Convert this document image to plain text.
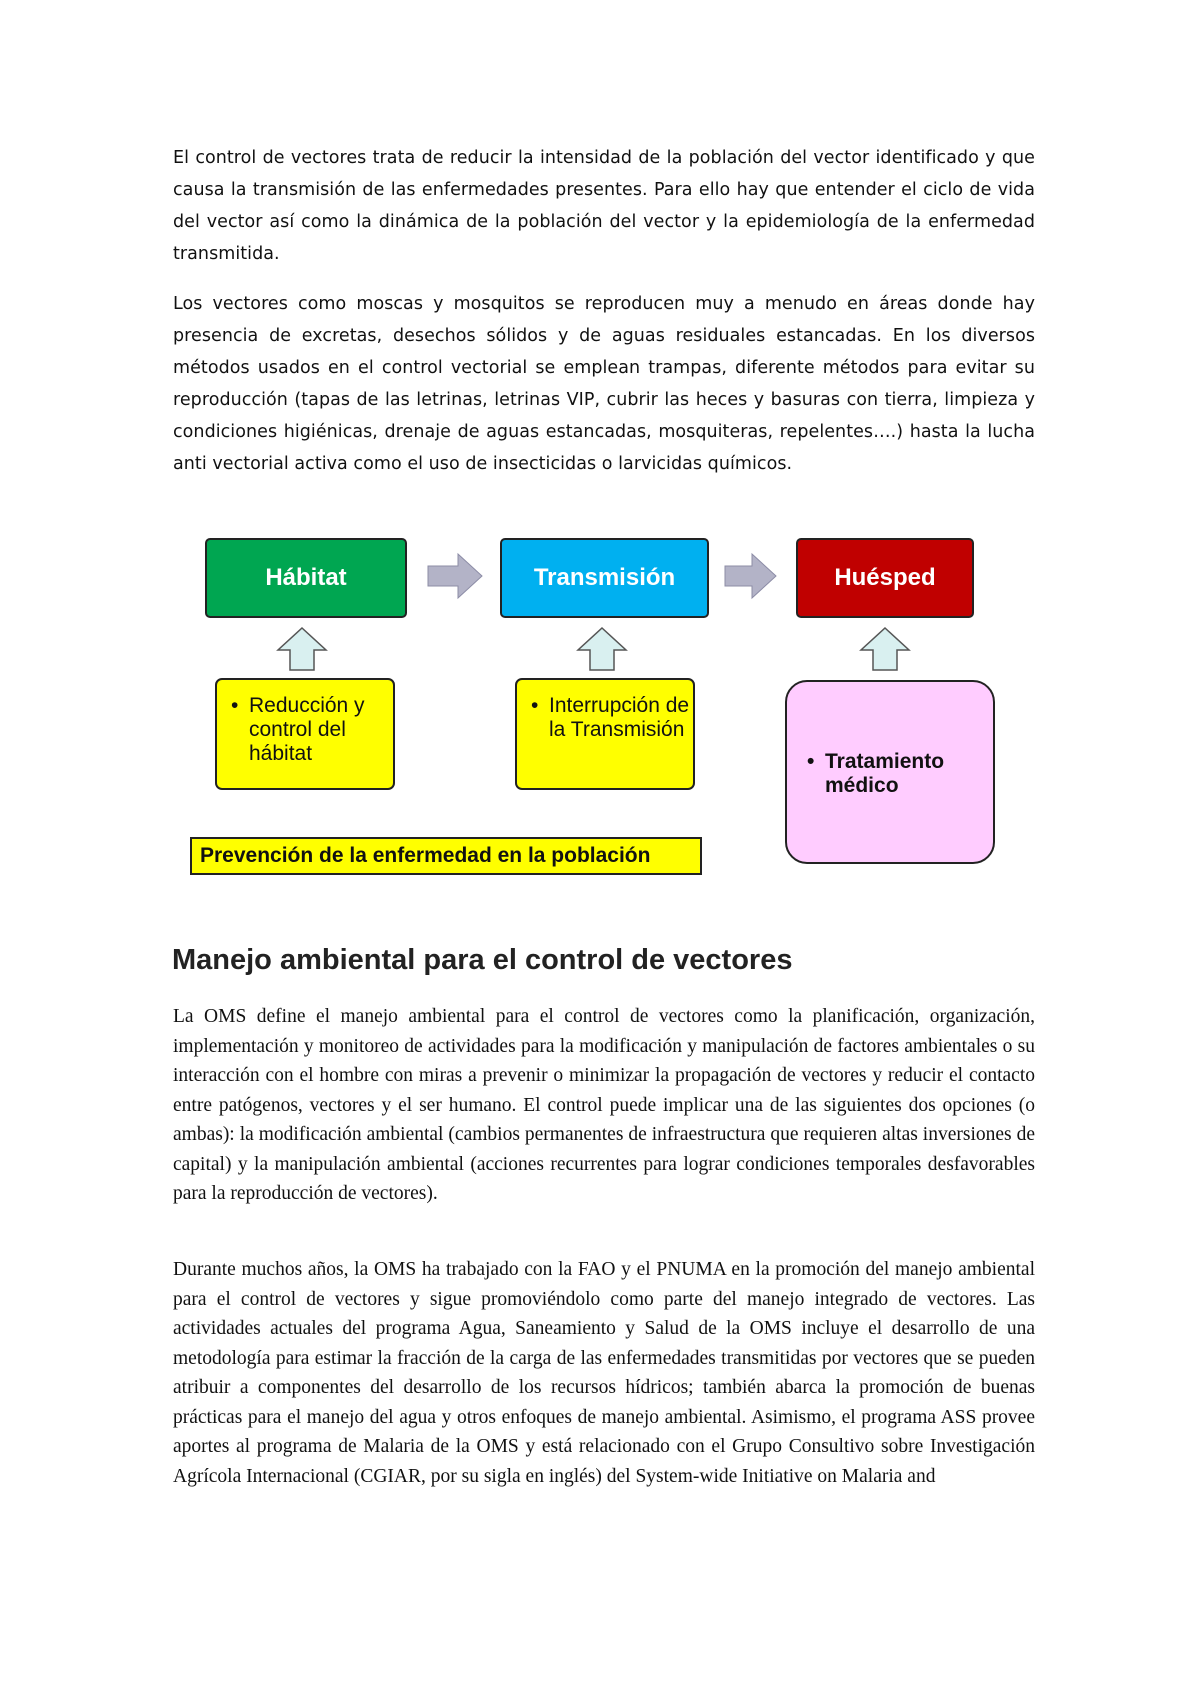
El control de vectores trata de reducir la intensidad de la población del vector identificado y que causa la transmisión de las enfermedades presentes. Para ello hay que entender el ciclo de vida del vector así como la dinámica de la población del vector y la epidemiología de la enfermedad transmitida.

Los vectores como moscas y mosquitos se reproducen muy a menudo en áreas donde hay presencia de excretas, desechos sólidos y de aguas residuales estancadas. En los diversos métodos usados en el control vectorial se emplean trampas, diferente métodos para evitar su reproducción (tapas de las letrinas, letrinas VIP, cubrir las heces y basuras con tierra, limpieza y condiciones higiénicas, drenaje de aguas estancadas, mosquiteras, repelentes….) hasta la lucha anti vectorial activa como el uso de insecticidas o larvicidas químicos.

Hábitat	Transmisión	Huésped
• Reducción y control del hábitat
• Interrupción de la Transmisión
• Tratamiento médico
Prevención de la enfermedad en la población
Manejo ambiental para el control de vectores

La OMS define el manejo ambiental para el control de vectores como la planificación, organización, implementación y monitoreo de actividades para la modificación y manipulación de factores ambientales o su interacción con el hombre con miras a prevenir o minimizar la propagación de vectores y reducir el contacto entre patógenos, vectores y el ser humano. El control puede implicar una de las siguientes dos opciones (o ambas): la modificación ambiental (cambios permanentes de infraestructura que requieren altas inversiones de capital) y la manipulación ambiental (acciones recurrentes para lograr condiciones temporales desfavorables para la reproducción de vectores).

Durante muchos años, la OMS ha trabajado con la FAO y el PNUMA en la promoción del manejo ambiental para el control de vectores y sigue promoviéndolo como parte del manejo integrado de vectores. Las actividades actuales del programa Agua, Saneamiento y Salud de la OMS incluye el desarrollo de una metodología para estimar la fracción de la carga de las enfermedades transmitidas por vectores que se pueden atribuir a componentes del desarrollo de los recursos hídricos; también abarca la promoción de buenas prácticas para el manejo del agua y otros enfoques de manejo ambiental. Asimismo, el programa ASS provee aportes al programa de Malaria de la OMS y está relacionado con el Grupo Consultivo sobre Investigación Agrícola Internacional (CGIAR, por su sigla en inglés) del System-wide Initiative on Malaria and
